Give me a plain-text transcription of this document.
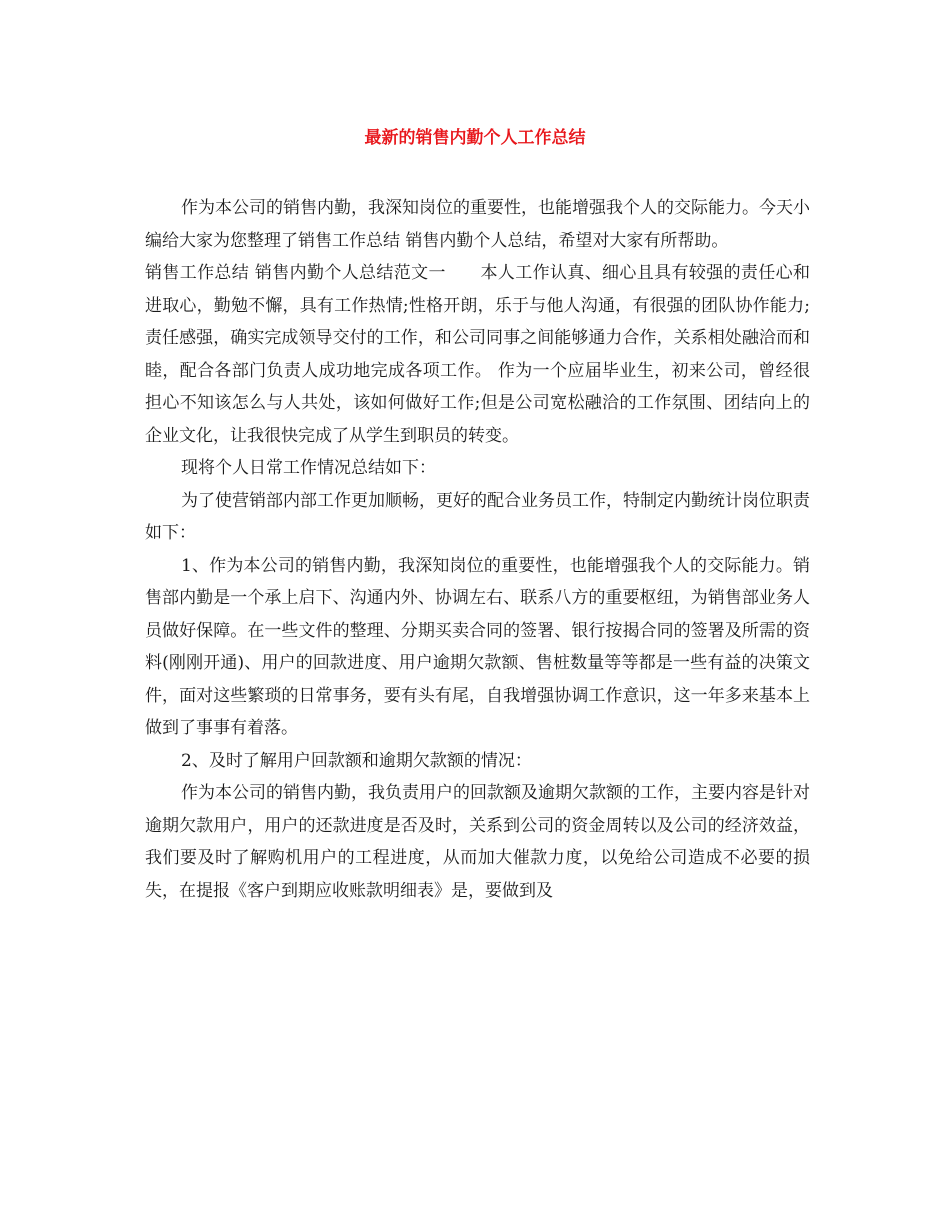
最新的销售内勤个人工作总结

作为本公司的销售内勤，我深知岗位的重要性，也能增强我个人的交际能力。今天小编给大家为您整理了销售工作总结 销售内勤个人总结，希望对大家有所帮助。

销售工作总结 销售内勤个人总结范文一　　本人工作认真、细心且具有较强的责任心和进取心，勤勉不懈，具有工作热情;性格开朗，乐于与他人沟通，有很强的团队协作能力;责任感强，确实完成领导交付的工作，和公司同事之间能够通力合作，关系相处融洽而和睦，配合各部门负责人成功地完成各项工作。 作为一个应届毕业生，初来公司，曾经很担心不知该怎么与人共处，该如何做好工作;但是公司宽松融洽的工作氛围、团结向上的企业文化，让我很快完成了从学生到职员的转变。

现将个人日常工作情况总结如下：

为了使营销部内部工作更加顺畅，更好的配合业务员工作，特制定内勤统计岗位职责如下：

1、作为本公司的销售内勤，我深知岗位的重要性，也能增强我个人的交际能力。销售部内勤是一个承上启下、沟通内外、协调左右、联系八方的重要枢纽，为销售部业务人员做好保障。在一些文件的整理、分期买卖合同的签署、银行按揭合同的签署及所需的资料(刚刚开通)、用户的回款进度、用户逾期欠款额、售桩数量等等都是一些有益的决策文件，面对这些繁琐的日常事务，要有头有尾，自我增强协调工作意识，这一年多来基本上做到了事事有着落。

2、及时了解用户回款额和逾期欠款额的情况：

作为本公司的销售内勤，我负责用户的回款额及逾期欠款额的工作，主要内容是针对逾期欠款用户，用户的还款进度是否及时，关系到公司的资金周转以及公司的经济效益，我们要及时了解购机用户的工程进度，从而加大催款力度，以免给公司造成不必要的损失，在提报《客户到期应收账款明细表》是，要做到及
